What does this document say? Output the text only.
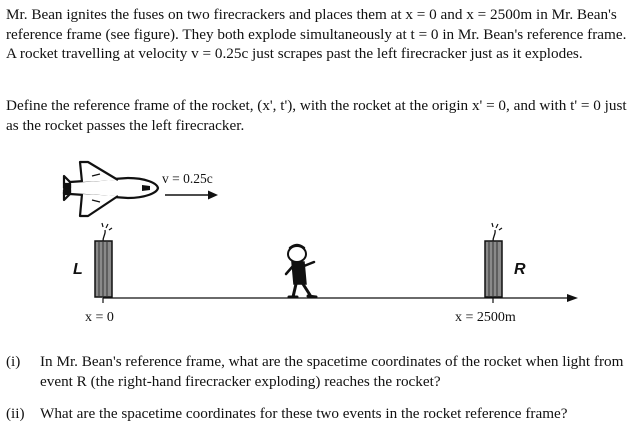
Mr. Bean ignites the fuses on two firecrackers and places them at x = 0 and x = 2500m in Mr. Bean's reference frame (see figure). They both explode simultaneously at t = 0 in Mr. Bean's reference frame. A rocket travelling at velocity v = 0.25c just scrapes past the left firecracker just as it explodes.
Define the reference frame of the rocket, (x', t'), with the rocket at the origin x' = 0, and with t' = 0 just as the rocket passes the left firecracker.
v = 0.25c
L	R
x = 0	x = 2500m
(i) In Mr. Bean's reference frame, what are the spacetime coordinates of the rocket when light from event R (the right-hand firecracker exploding) reaches the rocket?
(ii) What are the spacetime coordinates for these two events in the rocket reference frame?
